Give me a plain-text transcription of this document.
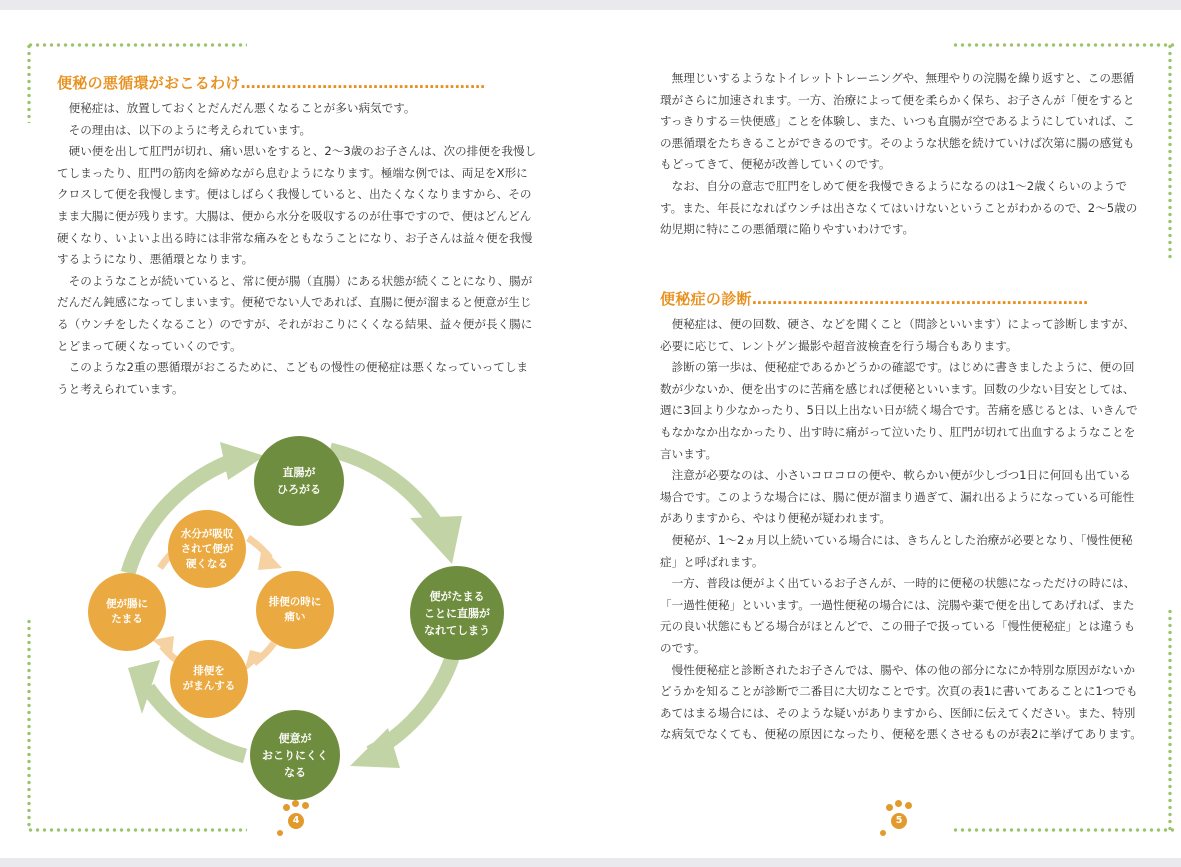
便秘の悪循環がおこるわけ…………………………………………

便秘症は、放置しておくとだんだん悪くなることが多い病気です。

その理由は、以下のように考えられています。

硬い便を出して肛門が切れ、痛い思いをすると、2～3歳のお子さんは、次の排便を我慢してしまったり、肛門の筋肉を締めながら息むようになります。極端な例では、両足をX形にクロスして便を我慢します。便はしばらく我慢していると、出たくなくなりますから、そのまま大腸に便が残ります。大腸は、便から水分を吸収するのが仕事ですので、便はどんどん硬くなり、いよいよ出る時には非常な痛みをともなうことになり、お子さんは益々便を我慢するようになり、悪循環となります。

そのようなことが続いていると、常に便が腸（直腸）にある状態が続くことになり、腸がだんだん鈍感になってしまいます。便秘でない人であれば、直腸に便が溜まると便意が生じる（ウンチをしたくなること）のですが、それがおこりにくくなる結果、益々便が長く腸にとどまって硬くなっていくのです。

このような2重の悪循環がおこるために、こどもの慢性の便秘症は悪くなっていってしまうと考えられています。

直腸が
ひろがる
便がたまる
ことに直腸が
なれてしまう
便意が
おこりにくく
なる
便が腸に
たまる
水分が吸収
されて便が
硬くなる
排便の時に
痛い
排便を
がまんする
4

無理じいするようなトイレットトレーニングや、無理やりの浣腸を繰り返すと、この悪循環がさらに加速されます。一方、治療によって便を柔らかく保ち、お子さんが「便をするとすっきりする＝快便感」ことを体験し、また、いつも直腸が空であるようにしていれば、この悪循環をたちきることができるのです。そのような状態を続けていけば次第に腸の感覚ももどってきて、便秘が改善していくのです。

なお、自分の意志で肛門をしめて便を我慢できるようになるのは1～2歳くらいのようです。また、年長になればウンチは出さなくてはいけないということがわかるので、2～5歳の幼児期に特にこの悪循環に陥りやすいわけです。

便秘症の診断…………………………………………………………

便秘症は、便の回数、硬さ、などを聞くこと（問診といいます）によって診断しますが、必要に応じて、レントゲン撮影や超音波検査を行う場合もあります。

診断の第一歩は、便秘症であるかどうかの確認です。はじめに書きましたように、便の回数が少ないか、便を出すのに苦痛を感じれば便秘といいます。回数の少ない目安としては、週に3回より少なかったり、5日以上出ない日が続く場合です。苦痛を感じるとは、いきんでもなかなか出なかったり、出す時に痛がって泣いたり、肛門が切れて出血するようなことを言います。

注意が必要なのは、小さいコロコロの便や、軟らかい便が少しづつ1日に何回も出ている場合です。このような場合には、腸に便が溜まり過ぎて、漏れ出るようになっている可能性がありますから、やはり便秘が疑われます。

便秘が、1～2ヵ月以上続いている場合には、きちんとした治療が必要となり、「慢性便秘症」と呼ばれます。

一方、普段は便がよく出ているお子さんが、一時的に便秘の状態になっただけの時には、「一過性便秘」といいます。一過性便秘の場合には、浣腸や薬で便を出してあげれば、また元の良い状態にもどる場合がほとんどで、この冊子で扱っている「慢性便秘症」とは違うものです。

慢性便秘症と診断されたお子さんでは、腸や、体の他の部分になにか特別な原因がないかどうかを知ることが診断で二番目に大切なことです。次頁の表1に書いてあることに1つでもあてはまる場合には、そのような疑いがありますから、医師に伝えてください。また、特別な病気でなくても、便秘の原因になったり、便秘を悪くさせるものが表2に挙げてあります。

5
